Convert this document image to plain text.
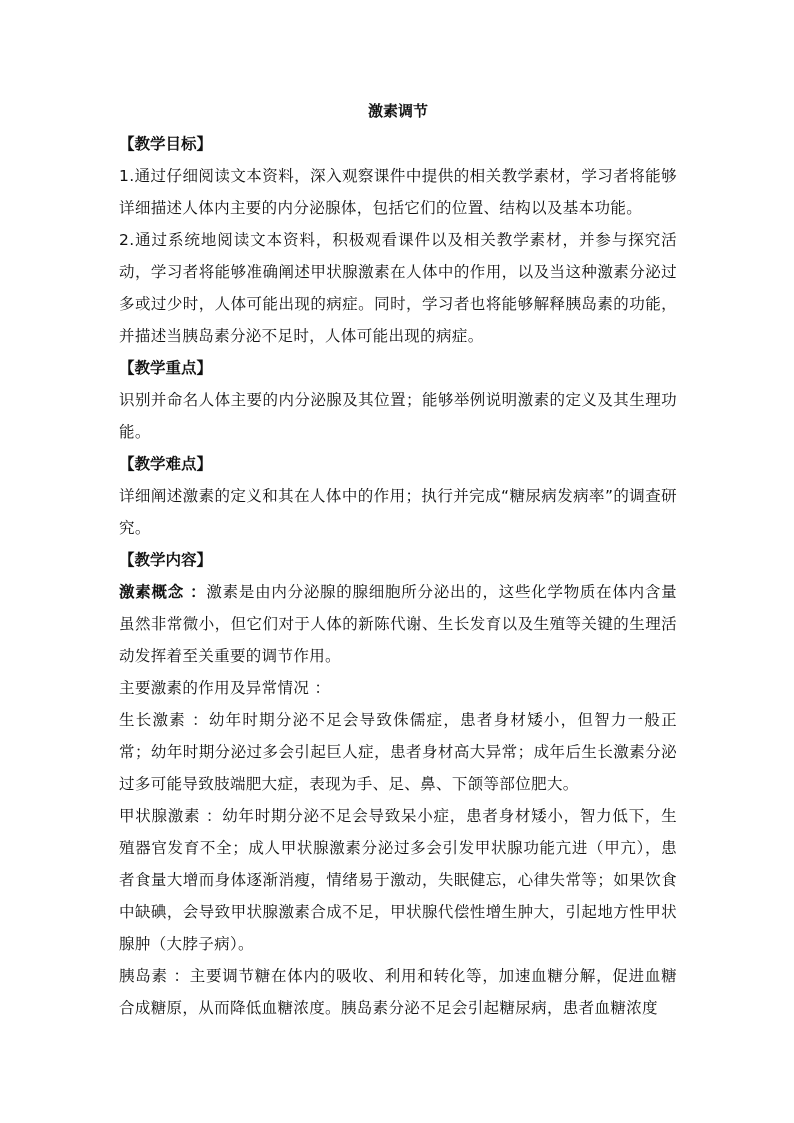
激素调节

【教学目标】

1.通过仔细阅读文本资料，深入观察课件中提供的相关教学素材，学习者将能够详细描述人体内主要的内分泌腺体，包括它们的位置、结构以及基本功能。

2.通过系统地阅读文本资料，积极观看课件以及相关教学素材，并参与探究活动，学习者将能够准确阐述甲状腺激素在人体中的作用，以及当这种激素分泌过多或过少时，人体可能出现的病症。同时，学习者也将能够解释胰岛素的功能，并描述当胰岛素分泌不足时，人体可能出现的病症。

【教学重点】

识别并命名人体主要的内分泌腺及其位置；能够举例说明激素的定义及其生理功能。

【教学难点】

详细阐述激素的定义和其在人体中的作用；执行并完成“糖尿病发病率”的调查研究。

【教学内容】

激素概念 ：激素是由内分泌腺的腺细胞所分泌出的，这些化学物质在体内含量虽然非常微小，但它们对于人体的新陈代谢、生长发育以及生殖等关键的生理活动发挥着至关重要的调节作用。

主要激素的作用及异常情况 ：

生长激素 ：幼年时期分泌不足会导致侏儒症，患者身材矮小，但智力一般正常；幼年时期分泌过多会引起巨人症，患者身材高大异常；成年后生长激素分泌过多可能导致肢端肥大症，表现为手、足、鼻、下颌等部位肥大。

甲状腺激素 ：幼年时期分泌不足会导致呆小症，患者身材矮小，智力低下，生殖器官发育不全；成人甲状腺激素分泌过多会引发甲状腺功能亢进（甲亢），患者食量大增而身体逐渐消瘦，情绪易于激动，失眠健忘，心律失常等；如果饮食中缺碘，会导致甲状腺激素合成不足，甲状腺代偿性增生肿大，引起地方性甲状腺肿（大脖子病）。

胰岛素 ：主要调节糖在体内的吸收、利用和转化等，加速血糖分解，促进血糖合成糖原，从而降低血糖浓度。胰岛素分泌不足会引起糖尿病，患者血糖浓度
